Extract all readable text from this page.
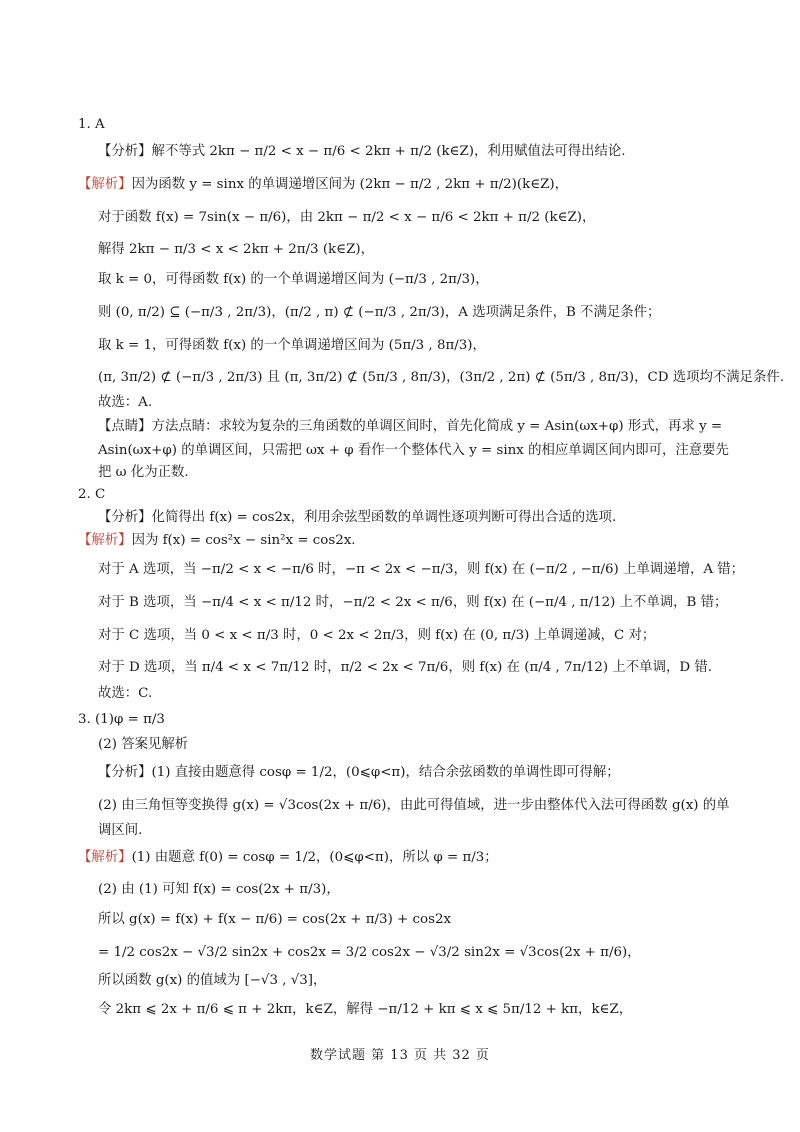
1. A
【分析】解不等式 2kπ − π/2 < x − π/6 < 2kπ + π/2 (k∈Z)，利用赋值法可得出结论.
【解析】因为函数 y = sinx 的单调递增区间为 (2kπ − π/2 , 2kπ + π/2)(k∈Z)，
对于函数 f(x) = 7sin(x − π/6)，由 2kπ − π/2 < x − π/6 < 2kπ + π/2 (k∈Z)，
解得 2kπ − π/3 < x < 2kπ + 2π/3 (k∈Z)，
取 k = 0，可得函数 f(x) 的一个单调递增区间为 (−π/3 , 2π/3)，
则 (0, π/2) ⊆ (−π/3 , 2π/3)，(π/2 , π) ⊄ (−π/3 , 2π/3)，A 选项满足条件，B 不满足条件；
取 k = 1，可得函数 f(x) 的一个单调递增区间为 (5π/3 , 8π/3)，
(π, 3π/2) ⊄ (−π/3 , 2π/3) 且 (π, 3π/2) ⊄ (5π/3 , 8π/3)，(3π/2 , 2π) ⊄ (5π/3 , 8π/3)，CD 选项均不满足条件.
故选：A.
【点睛】方法点睛：求较为复杂的三角函数的单调区间时，首先化简成 y = Asin(ωx+φ) 形式，再求 y =
Asin(ωx+φ) 的单调区间，只需把 ωx + φ 看作一个整体代入 y = sinx 的相应单调区间内即可，注意要先
把 ω 化为正数.
2. C
【分析】化简得出 f(x) = cos2x，利用余弦型函数的单调性逐项判断可得出合适的选项.
【解析】因为 f(x) = cos²x − sin²x = cos2x.
对于 A 选项，当 −π/2 < x < −π/6 时，−π < 2x < −π/3，则 f(x) 在 (−π/2 , −π/6) 上单调递增，A 错；
对于 B 选项，当 −π/4 < x < π/12 时，−π/2 < 2x < π/6，则 f(x) 在 (−π/4 , π/12) 上不单调，B 错；
对于 C 选项，当 0 < x < π/3 时，0 < 2x < 2π/3，则 f(x) 在 (0, π/3) 上单调递减，C 对；
对于 D 选项，当 π/4 < x < 7π/12 时，π/2 < 2x < 7π/6，则 f(x) 在 (π/4 , 7π/12) 上不单调，D 错.
故选：C.
3. (1)φ = π/3
(2) 答案见解析
【分析】(1) 直接由题意得 cosφ = 1/2，(0⩽φ<π)，结合余弦函数的单调性即可得解；
(2) 由三角恒等变换得 g(x) = √3cos(2x + π/6)，由此可得值域，进一步由整体代入法可得函数 g(x) 的单
调区间.
【解析】(1) 由题意 f(0) = cosφ = 1/2，(0⩽φ<π)，所以 φ = π/3；
(2) 由 (1) 可知 f(x) = cos(2x + π/3)，
所以 g(x) = f(x) + f(x − π/6) = cos(2x + π/3) + cos2x
= 1/2 cos2x − √3/2 sin2x + cos2x = 3/2 cos2x − √3/2 sin2x = √3cos(2x + π/6)，
所以函数 g(x) 的值域为 [−√3 , √3]，
令 2kπ ⩽ 2x + π/6 ⩽ π + 2kπ，k∈Z，解得 −π/12 + kπ ⩽ x ⩽ 5π/12 + kπ，k∈Z，
数学试题 第 13 页 共 32 页
